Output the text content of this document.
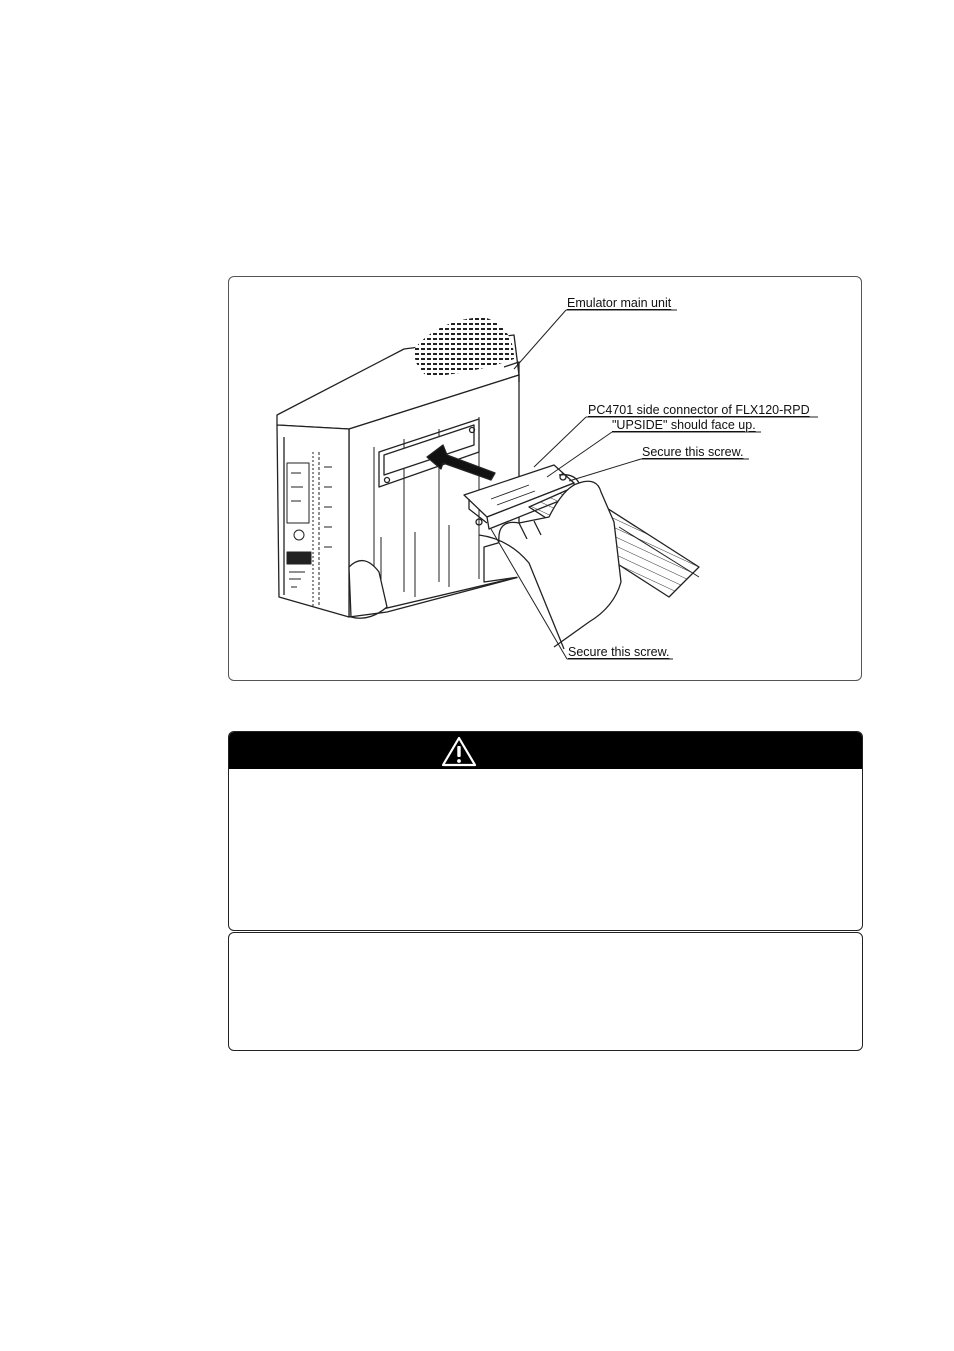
Emulator main unit
PC4701 side connector of FLX120-RPD
"UPSIDE" should face up.
Secure this screw.
Secure this screw.
